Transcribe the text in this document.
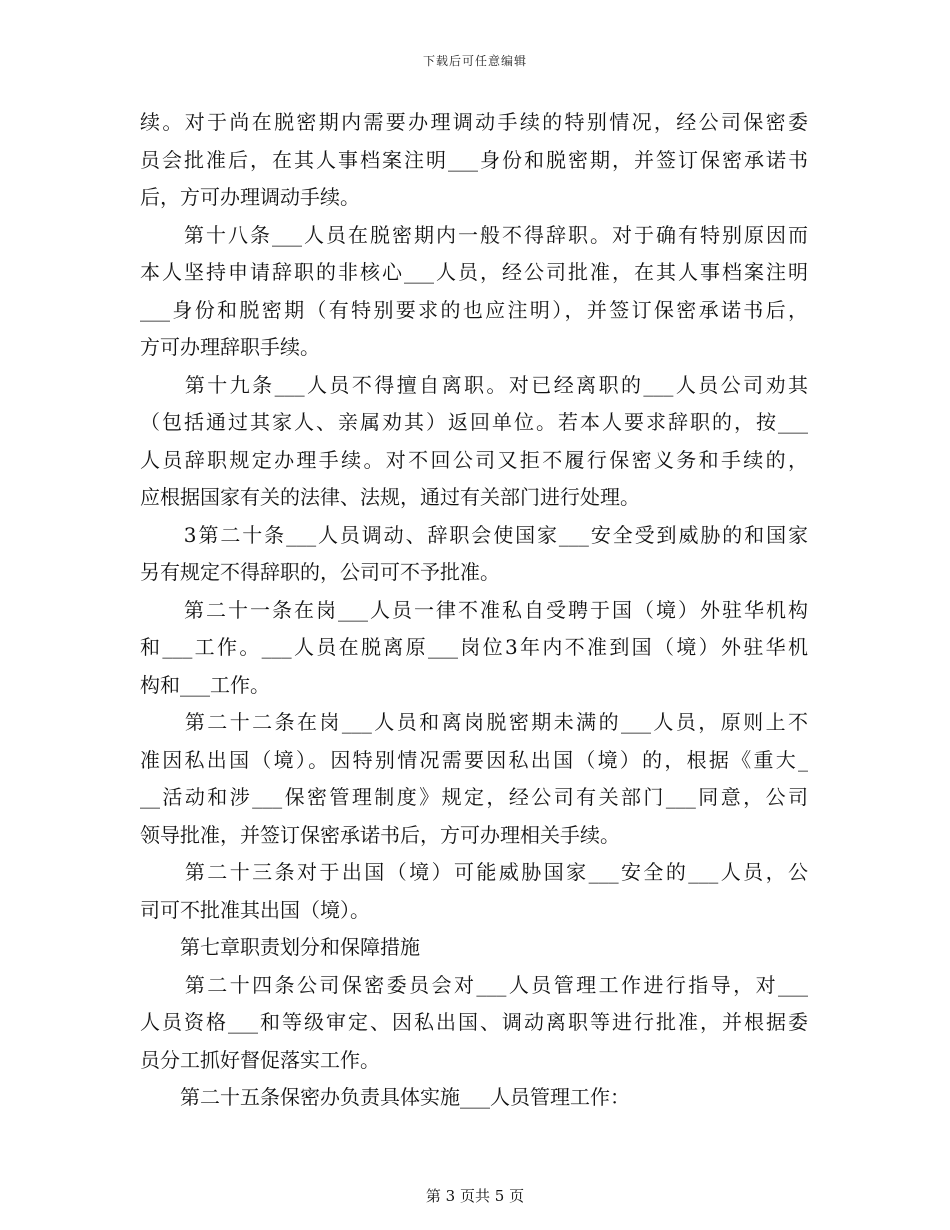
下载后可任意编辑
续。对于尚在脱密期内需要办理调动手续的特别情况，经公司保密委
员会批准后，在其人事档案注明___身份和脱密期，并签订保密承诺书
后，方可办理调动手续。
　　第十八条___人员在脱密期内一般不得辞职。对于确有特别原因而
本人坚持申请辞职的非核心___人员，经公司批准，在其人事档案注明
___身份和脱密期（有特别要求的也应注明），并签订保密承诺书后，
方可办理辞职手续。
　　第十九条___人员不得擅自离职。对已经离职的___人员公司劝其
（包括通过其家人、亲属劝其）返回单位。若本人要求辞职的，按___
人员辞职规定办理手续。对不回公司又拒不履行保密义务和手续的，
应根据国家有关的法律、法规，通过有关部门进行处理。
　　3第二十条___人员调动、辞职会使国家___安全受到威胁的和国家
另有规定不得辞职的，公司可不予批准。
　　第二十一条在岗___人员一律不准私自受聘于国（境）外驻华机构
和___工作。___人员在脱离原___岗位3年内不准到国（境）外驻华机
构和___工作。
　　第二十二条在岗___人员和离岗脱密期未满的___人员，原则上不
准因私出国（境）。因特别情况需要因私出国（境）的，根据《重大_
__活动和涉___保密管理制度》规定，经公司有关部门___同意，公司
领导批准，并签订保密承诺书后，方可办理相关手续。
　　第二十三条对于出国（境）可能威胁国家___安全的___人员，公
司可不批准其出国（境）。
　　第七章职责划分和保障措施
　　第二十四条公司保密委员会对___人员管理工作进行指导，对___
人员资格___和等级审定、因私出国、调动离职等进行批准，并根据委
员分工抓好督促落实工作。
　　第二十五条保密办负责具体实施___人员管理工作：
第 3 页共 5 页
